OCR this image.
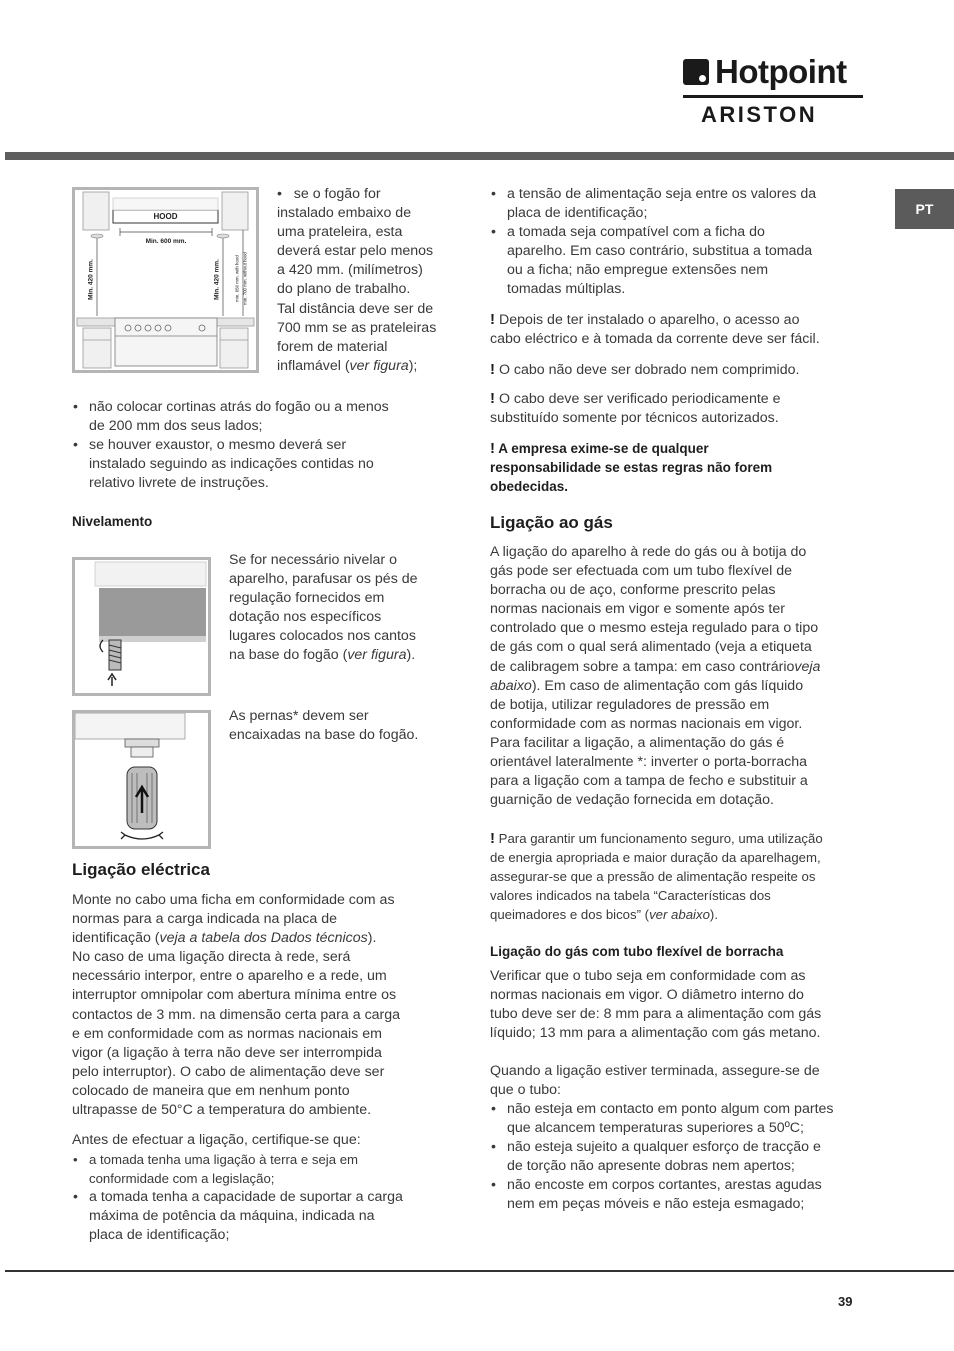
Hotpoint
ARISTON
PT
HOOD
Min. 600 mm.
Min. 420 mm.	Min. 420 mm.	min. 650 mm. with hood min. 700 mm. without hood
•   se o fogão for
instalado embaixo de
uma prateleira, esta
deverá estar pelo menos
a 420 mm. (milímetros)
do plano de trabalho.
Tal distância deve ser de
700 mm se as prateleiras
forem de material
inflamável (ver figura);
• não colocar cortinas atrás do fogão ou a menos
de 200 mm dos seus lados;
• se houver exaustor, o mesmo deverá ser
instalado seguindo as indicações contidas no
relativo livrete de instruções.
Nivelamento
Se for necessário nivelar o
aparelho, parafusar os pés de
regulação fornecidos em
dotação nos específicos
lugares colocados nos cantos
na base do fogão (ver figura).
As pernas* devem ser
encaixadas na base do fogão.
Ligação eléctrica
Monte no cabo uma ficha em conformidade com as
normas para a carga indicada na placa de
identificação (veja a tabela dos Dados técnicos).
No caso de uma ligação directa à rede, será
necessário interpor, entre o aparelho e a rede, um
interruptor omnipolar com abertura mínima entre os
contactos de 3 mm. na dimensão certa para a carga
e em conformidade com as normas nacionais em
vigor (a ligação à terra não deve ser interrompida
pelo interruptor). O cabo de alimentação deve ser
colocado de maneira que em nenhum ponto
ultrapasse de 50°C a temperatura do ambiente.
Antes de efectuar a ligação, certifique-se que:
• a tomada tenha uma ligação à terra e seja em
conformidade com a legislação;
• a tomada tenha a capacidade de suportar a carga
máxima de potência da máquina, indicada na
placa de identificação;
• a tensão de alimentação seja entre os valores da
placa de identificação;
• a tomada seja compatível com a ficha do
aparelho. Em caso contrário, substitua a tomada
ou a ficha; não empregue extensões nem
tomadas múltiplas.
! Depois de ter instalado o aparelho, o acesso ao
cabo eléctrico e à tomada da corrente deve ser fácil.
! O cabo não deve ser dobrado nem comprimido.
! O cabo deve ser verificado periodicamente e
substituído somente por técnicos autorizados.
! A empresa exime-se de qualquer
responsabilidade se estas regras não forem
obedecidas.
Ligação ao gás
A ligação do aparelho à rede do gás ou à botija do
gás pode ser efectuada com um tubo flexível de
borracha ou de aço, conforme prescrito pelas
normas nacionais em vigor e somente após ter
controlado que o mesmo esteja regulado para o tipo
de gás com o qual será alimentado (veja a etiqueta
de calibragem sobre a tampa: em caso contrárioveja
abaixo). Em caso de alimentação com gás líquido
de botija, utilizar reguladores de pressão em
conformidade com as normas nacionais em vigor.
Para facilitar a ligação, a alimentação do gás é
orientável lateralmente *: inverter o porta-borracha
para a ligação com a tampa de fecho e substituir a
guarnição de vedação fornecida em dotação.
! Para garantir um funcionamento seguro, uma utilização
de energia apropriada e maior duração da aparelhagem,
assegurar-se que a pressão de alimentação respeite os
valores indicados na tabela “Características dos
queimadores e dos bicos” (ver abaixo).
Ligação do gás com tubo flexível de borracha
Verificar que o tubo seja em conformidade com as
normas nacionais em vigor. O diâmetro interno do
tubo deve ser de: 8 mm para a alimentação com gás
líquido; 13 mm para a alimentação com gás metano.
Quando a ligação estiver terminada, assegure-se de
que o tubo:
• não esteja em contacto em ponto algum com partes
que alcancem temperaturas superiores a 50ºC;
• não esteja sujeito a qualquer esforço de tracção e
de torção não apresente dobras nem apertos;
• não encoste em corpos cortantes, arestas agudas
nem em peças móveis e não esteja esmagado;
39
